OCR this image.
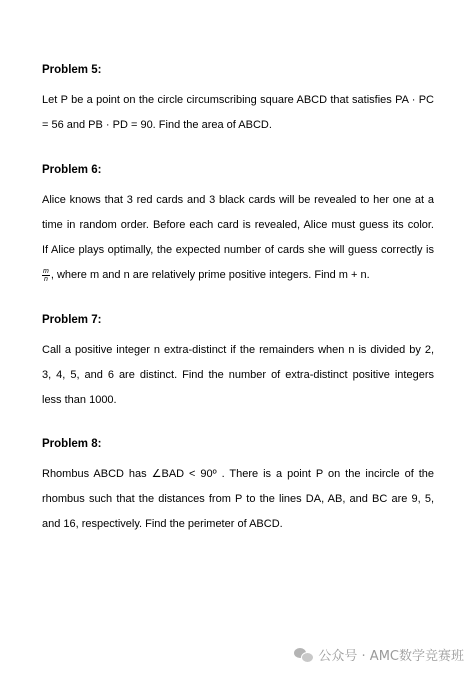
Problem 5:

Let P be a point on the circle circumscribing square ABCD that satisfies PA · PC
= 56 and PB · PD = 90. Find the area of ABCD.

Problem 6:

Alice knows that 3 red cards and 3 black cards will be revealed to her one at a
time in random order. Before each card is revealed, Alice must guess its color.
If Alice plays optimally, the expected number of cards she will guess correctly is
$\frac{m}{n}$ , where m and n are relatively prime positive integers. Find m + n.

Problem 7:

Call a positive integer n extra-distinct if the remainders when n is divided by 2,
3, 4, 5, and 6 are distinct. Find the number of extra-distinct positive integers
less than 1000.

Problem 8:

Rhombus ABCD has ∠BAD < 90º . There is a point P on the incircle of the
rhombus such that the distances from P to the lines DA, AB, and BC are 9, 5,
and 16, respectively. Find the perimeter of ABCD.

公众号 · AMC数学竞赛班
